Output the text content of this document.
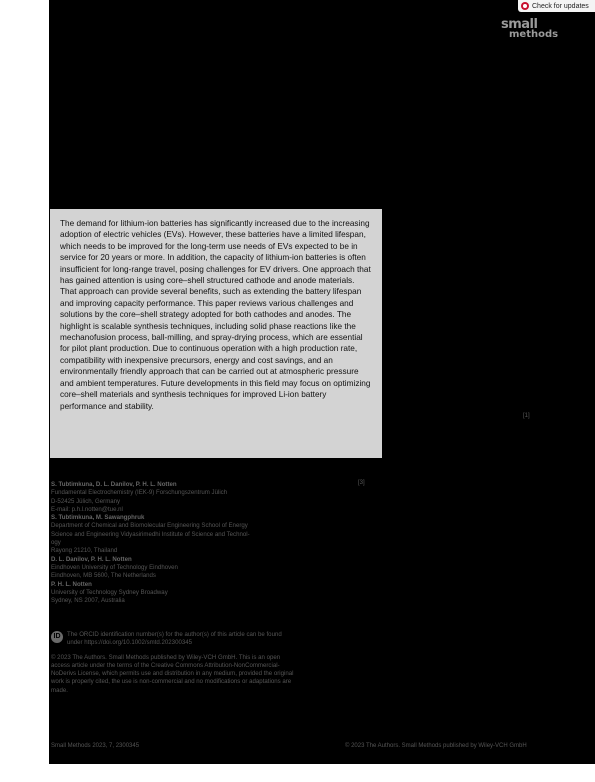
Check for updates
small
methods
The demand for lithium-ion batteries has significantly increased due to the increasing adoption of electric vehicles (EVs). However, these batteries have a limited lifespan, which needs to be improved for the long-term use needs of EVs expected to be in service for 20 years or more. In addition, the capacity of lithium-ion batteries is often insufficient for long-range travel, posing challenges for EV drivers. One approach that has gained attention is using core–shell structured cathode and anode materials. That approach can provide several benefits, such as extending the battery lifespan and improving capacity performance. This paper reviews various challenges and solutions by the core–shell strategy adopted for both cathodes and anodes. The highlight is scalable synthesis techniques, including solid phase reactions like the mechanofusion process, ball-milling, and spray-drying process, which are essential for pilot plant production. Due to continuous operation with a high production rate, compatibility with inexpensive precursors, energy and cost savings, and an environmentally friendly approach that can be carried out at atmospheric pressure and ambient temperatures. Future developments in this field may focus on optimizing core–shell materials and synthesis techniques for improved Li-ion battery performance and stability.
[1]
[3]
S. Tubtimkuna, D. L. Danilov, P. H. L. Notten
Fundamental Electrochemistry (IEK-9) Forschungszentrum Jülich
D-52425 Jülich, Germany
E-mail: p.h.l.notten@tue.nl
S. Tubtimkuna, M. Sawangphruk
Department of Chemical and Biomolecular Engineering School of Energy
Science and Engineering Vidyasirimedhi Institute of Science and Technol-
ogy
Rayong 21210, Thailand
D. L. Danilov, P. H. L. Notten
Eindhoven University of Technology Eindhoven
Eindhoven, MB 5600, The Netherlands
P. H. L. Notten
University of Technology Sydney Broadway
Sydney, NS 2007, Australia
ID	The ORCID identification number(s) for the author(s) of this article can be found under https://doi.org/10.1002/smtd.202300345
© 2023 The Authors. Small Methods published by Wiley-VCH GmbH. This is an open access article under the terms of the Creative Commons Attribution-NonCommercial-NoDerivs License, which permits use and distribution in any medium, provided the original work is properly cited, the use is non-commercial and no modifications or adaptations are made.
Small Methods 2023, 7, 2300345	© 2023 The Authors. Small Methods published by Wiley-VCH GmbH
